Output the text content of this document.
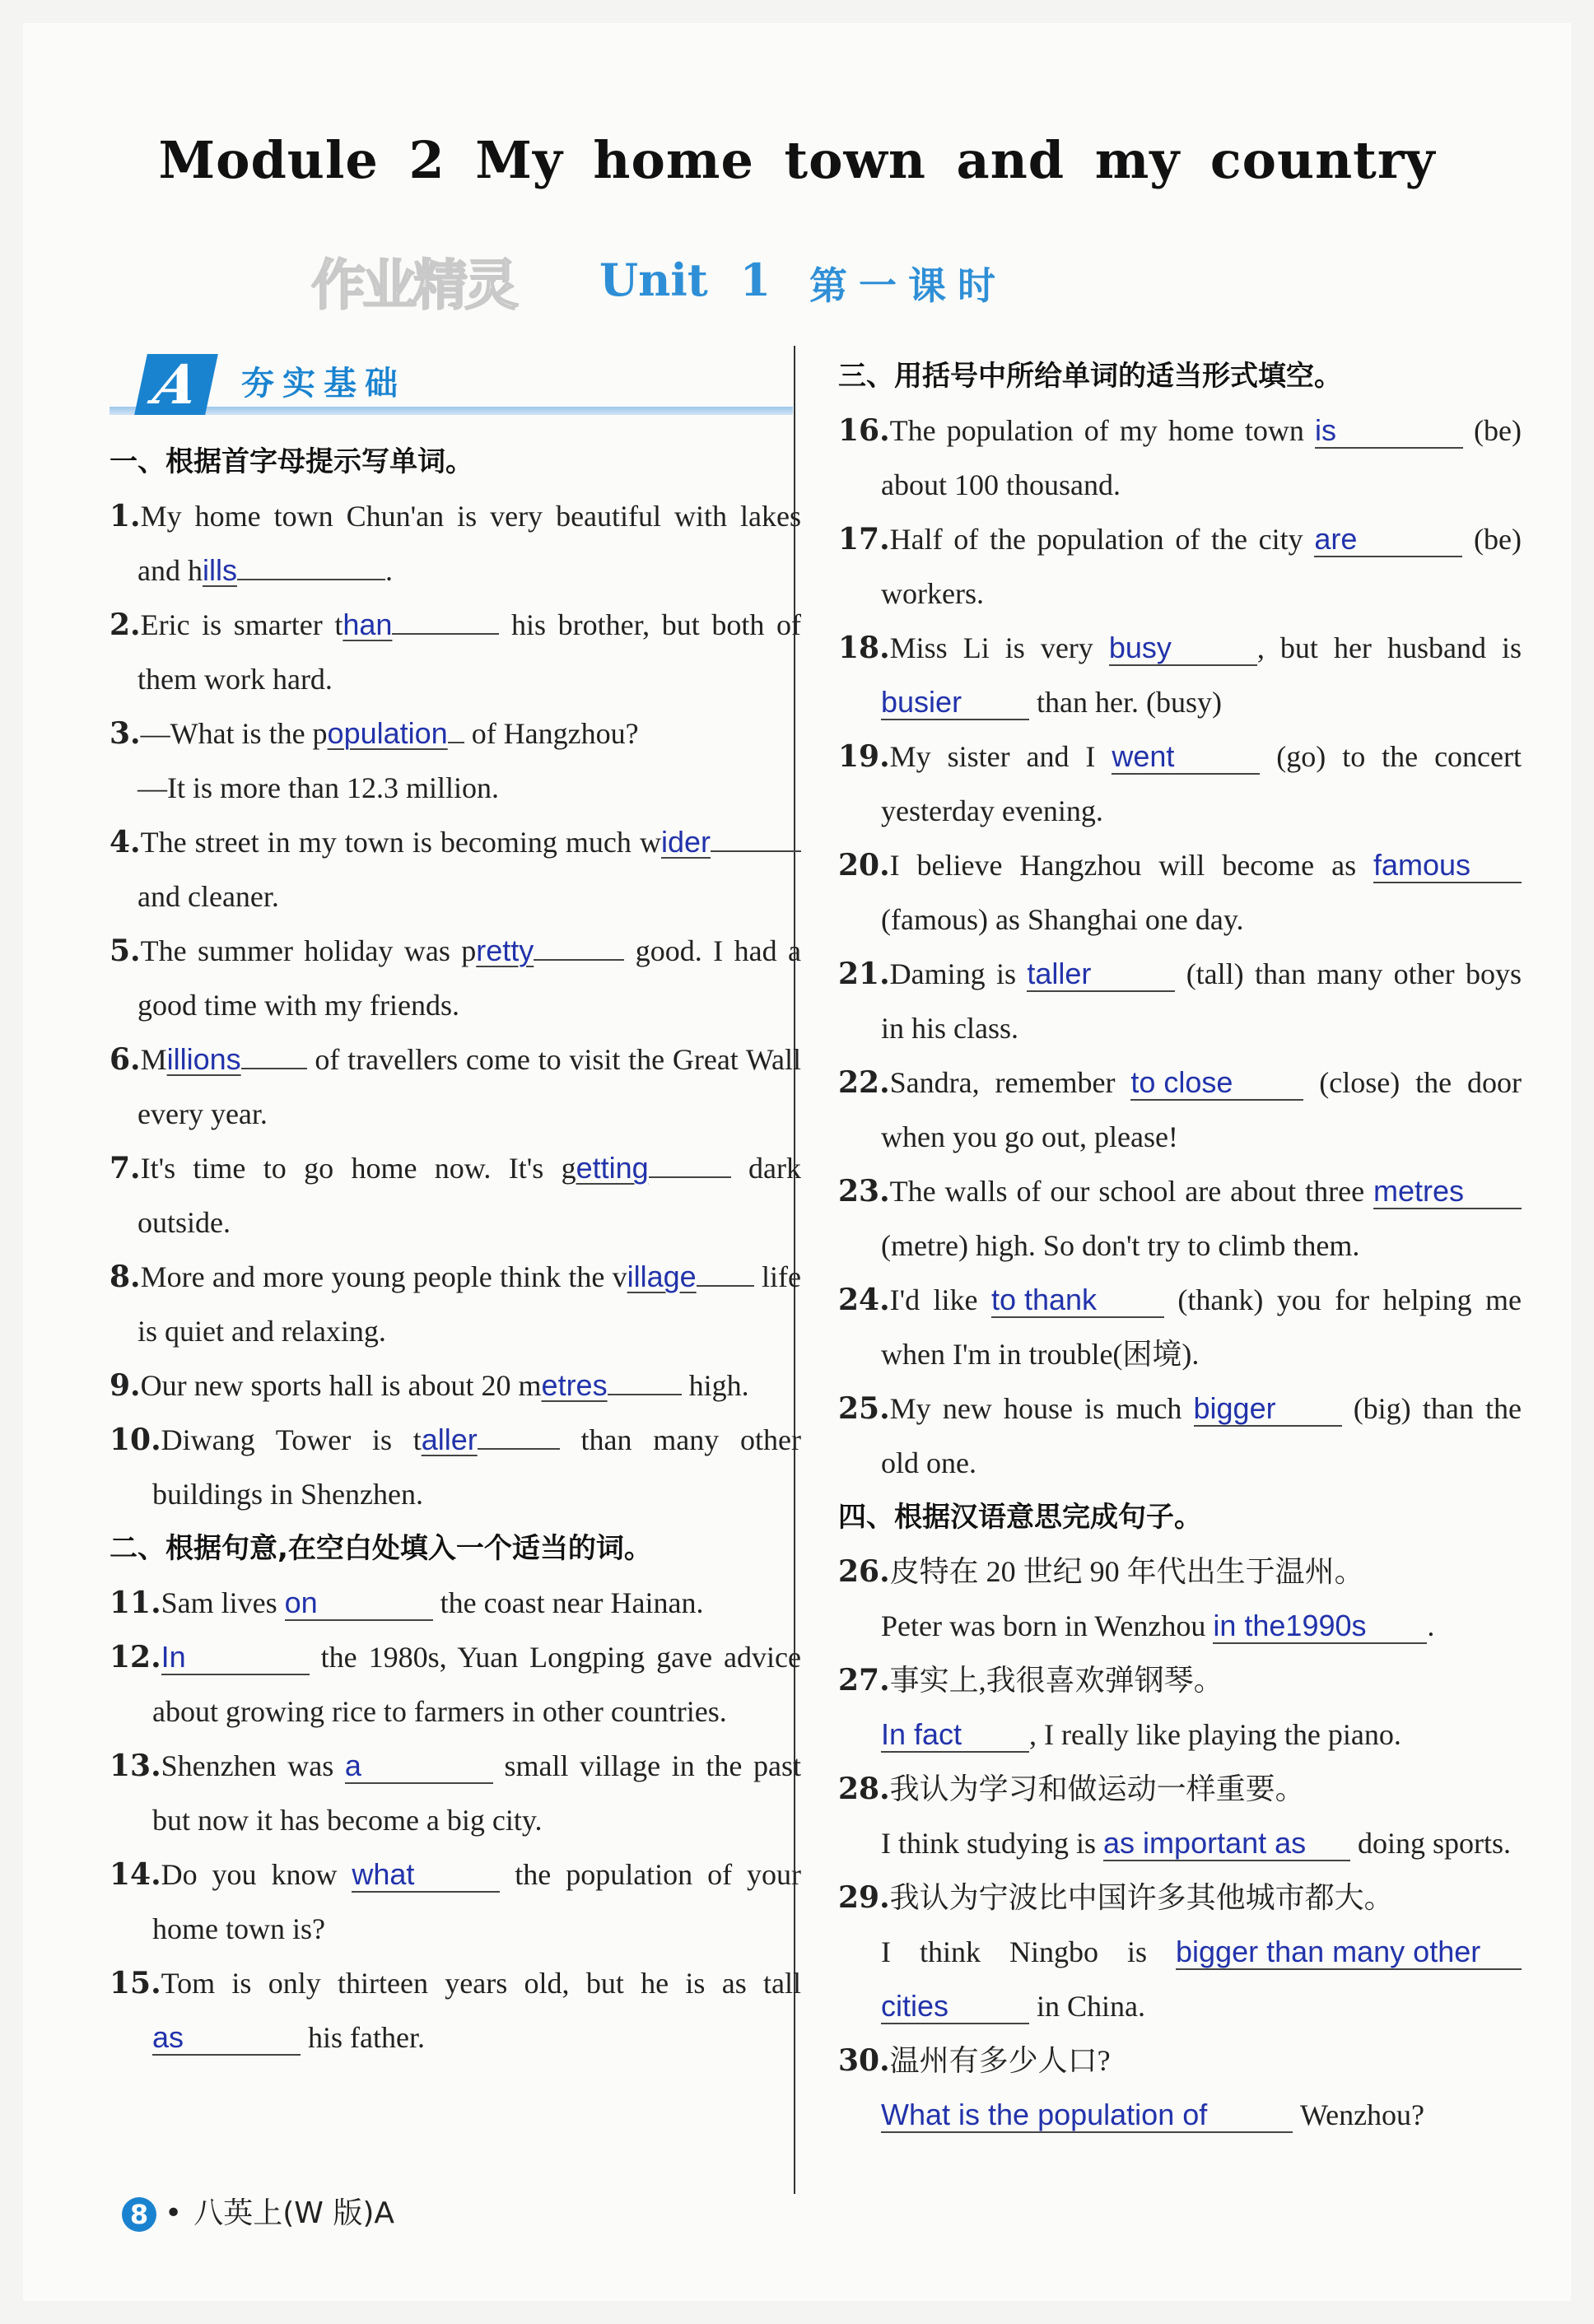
Module 2 My home town and my country
作业精灵 Unit 1 第一课时
A	夯实基础
一、根据首字母提示写单词。
1.My home town Chun'an is very beautiful with lakes and hills	.
2.Eric is smarter than	his brother, but both of them work hard.
3.—What is the population of Hangzhou?
—It is more than 12.3 million.
4.The street in my town is becoming much wider and cleaner.
5.The summer holiday was pretty	good. I had a good time with my friends.
6.Millions of travellers come to visit the Great Wall every year.
7.It's time to go home now. It's getting	dark outside.
8.More and more young people think the village life is quiet and relaxing.
9.Our new sports hall is about 20 metres	high.
10.Diwang Tower is taller	than many other buildings in Shenzhen.
二、根据句意,在空白处填入一个适当的词。
11.Sam lives on	the coast near Hainan.
12.In	the 1980s, Yuan Longping gave advice about growing rice to farmers in other countries.
13.Shenzhen was a	small village in the past but now it has become a big city.
14.Do you know what	the population of your home town is?
15.Tom is only thirteen years old, but he is as tall as	his father.
三、用括号中所给单词的适当形式填空。
16.The population of my home town is	(be) about 100 thousand.
17.Half of the population of the city are	(be) workers.
18.Miss Li is very busy	, but her husband is busier than her. (busy)
19.My sister and I went	(go) to the concert yesterday evening.
20.I believe Hangzhou will become as famous (famous) as Shanghai one day.
21.Daming is taller	(tall) than many other boys in his class.
22.Sandra, remember to close (close) the door when you go out, please!
23.The walls of our school are about three metres (metre) high. So don't try to climb them.
24.I'd like to thank (thank) you for helping me when I'm in trouble(困境).
25.My new house is much bigger (big) than the old one.
四、根据汉语意思完成句子。
26.皮特在 20 世纪 90 年代出生于温州。
Peter was born in Wenzhou in the1990s .
27.事实上,我很喜欢弹钢琴。
In fact , I really like playing the piano.
28.我认为学习和做运动一样重要。
I think studying is as important as doing sports.
29.我认为宁波比中国许多其他城市都大。
I think Ningbo is bigger than many other cities	in China.
30.温州有多少人口?
What is the population of	Wenzhou?
8 • 八英上(W 版)A
